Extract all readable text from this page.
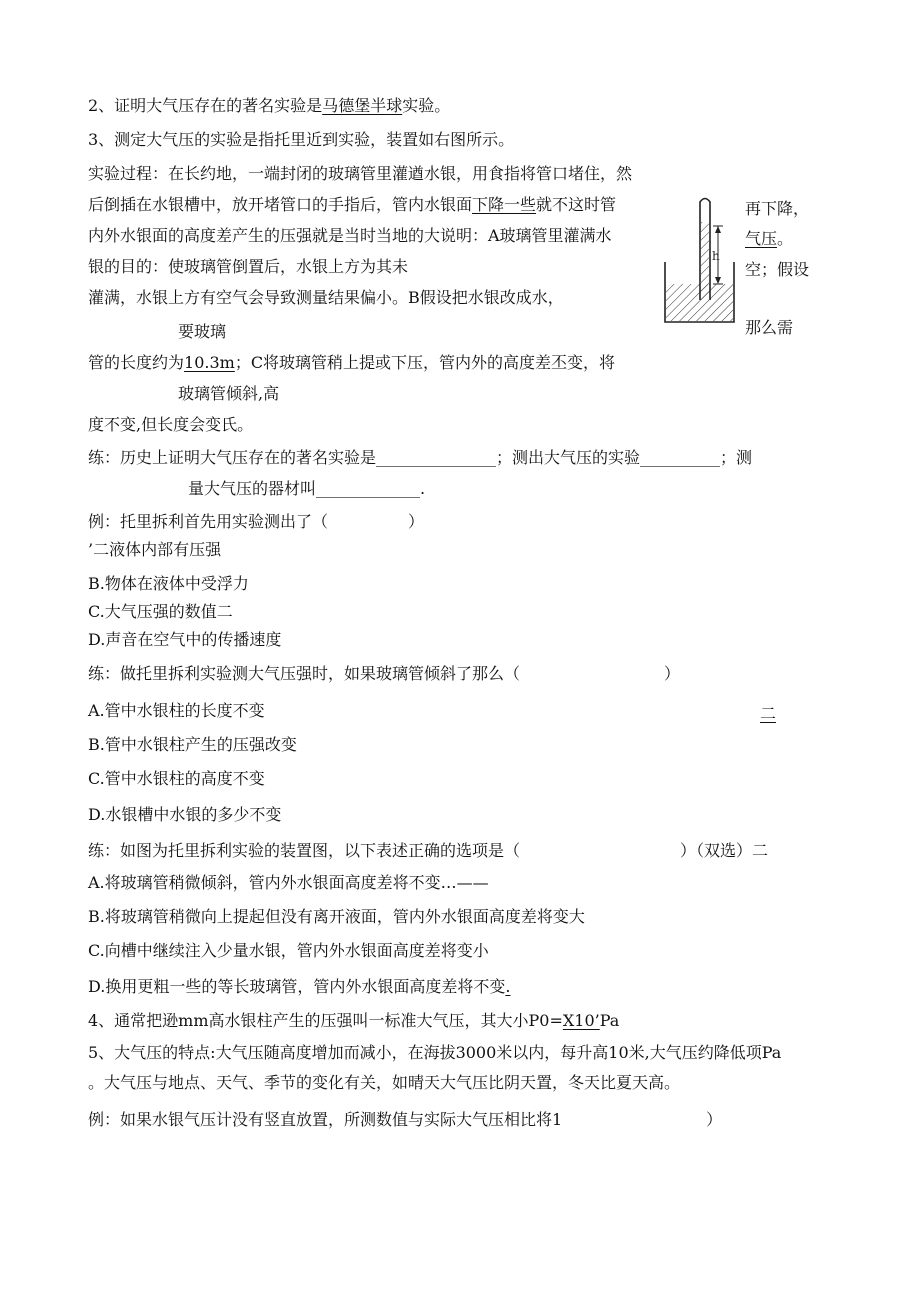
2、证明大气压存在的著名实验是马德堡半球实验。
3、测定大气压的实验是指托里近到实验，装置如右图所示。
实验过程：在长约地，一端封闭的玻璃管里灌遒水银，用食指将管口堵住，然
后倒插在水银槽中，放开堵管口的手指后，管内水银面下降一些就不这时管
内外水银面的高度差产生的压强就是当时当地的大说明：A玻璃管里灌满水
银的目的：使玻璃管倒置后，水银上方为其未
灌满，水银上方有空气会导致测量结果偏小。B假设把水银改成水，
要玻璃
管的长度约为10.3m；C将玻璃管稍上提或下压，管内外的高度差丕变，将
玻璃管倾斜,高
度不变,但长度会变氏。
练：历史上证明大气压存在的著名实验是_______________；测出大气压的实验__________；测
量大气压的器材叫_____________.
例：托里拆利首先用实验测出了（　　　　　）
’二液体内部有压强
B.物体在液体中受浮力
C.大气压强的数值二
D.声音在空气中的传播速度
练：做托里拆利实验测大气压强时，如果玻璃管倾斜了那么（　　　　　　　　　）
A.管中水银柱的长度不变
B.管中水银柱产生的压强改变
C.管中水银柱的高度不变
D.水银槽中水银的多少不变
练：如图为托里拆利实验的装置图，以下表述正确的选项是（　　　　　　　　　　）（双选）二
A.将玻璃管稍微倾斜，管内外水银面高度差将不变…——
B.将玻璃管稍微向上提起但没有离开液面，管内外水银面高度差将变大
C.向槽中继续注入少量水银，管内外水银面高度差将变小
D.换用更粗一些的等长玻璃管，管内外水银面高度差将不变.
4、通常把逊mm高水银柱产生的压强叫一标准大气压，其大小P0=X10’Pa
5、大气压的特点:大气压随高度增加而减小，在海拔3000米以内，每升高10米,大气压约降低项Pa
。大气压与地点、天气、季节的变化有关，如晴天大气压比阴天置，冬天比夏天高。
例：如果水银气压计没有竖直放置，所测数值与实际大气压相比将1　　　　　　　　　）
再下降，
气压。
空；假设
那么需
二
h
